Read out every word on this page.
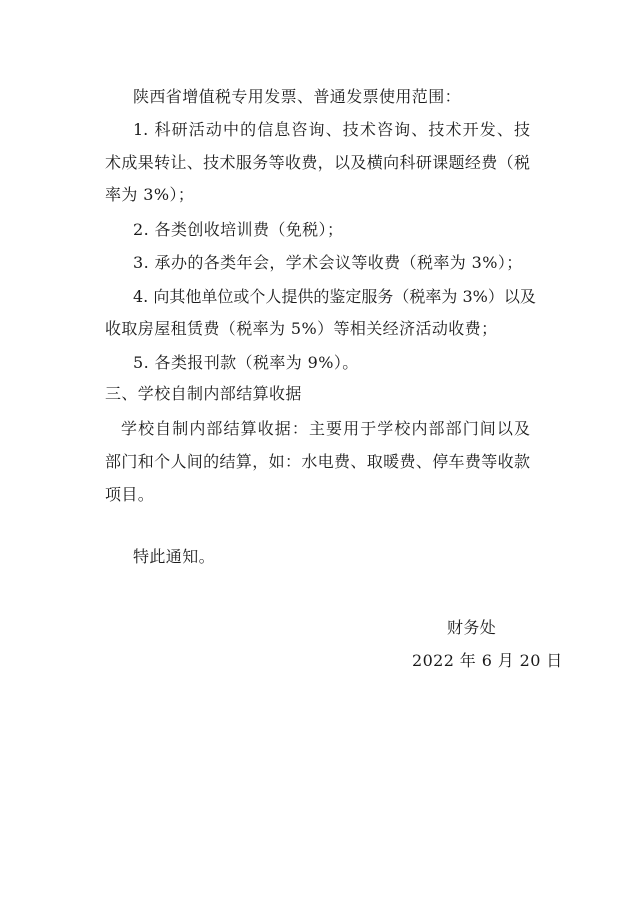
陕西省增值税专用发票、普通发票使用范围：
1. 科研活动中的信息咨询、技术咨询、技术开发、技
术成果转让、技术服务等收费，以及横向科研课题经费（税
率为 3%）；
2. 各类创收培训费（免税）；
3. 承办的各类年会，学术会议等收费（税率为 3%）；
4. 向其他单位或个人提供的鉴定服务（税率为 3%）以及
收取房屋租赁费（税率为 5%）等相关经济活动收费；
5. 各类报刊款（税率为 9%）。
三、学校自制内部结算收据
学校自制内部结算收据：主要用于学校内部部门间以及
部门和个人间的结算，如：水电费、取暖费、停车费等收款
项目。
特此通知。
财务处
2022 年 6 月 20 日
